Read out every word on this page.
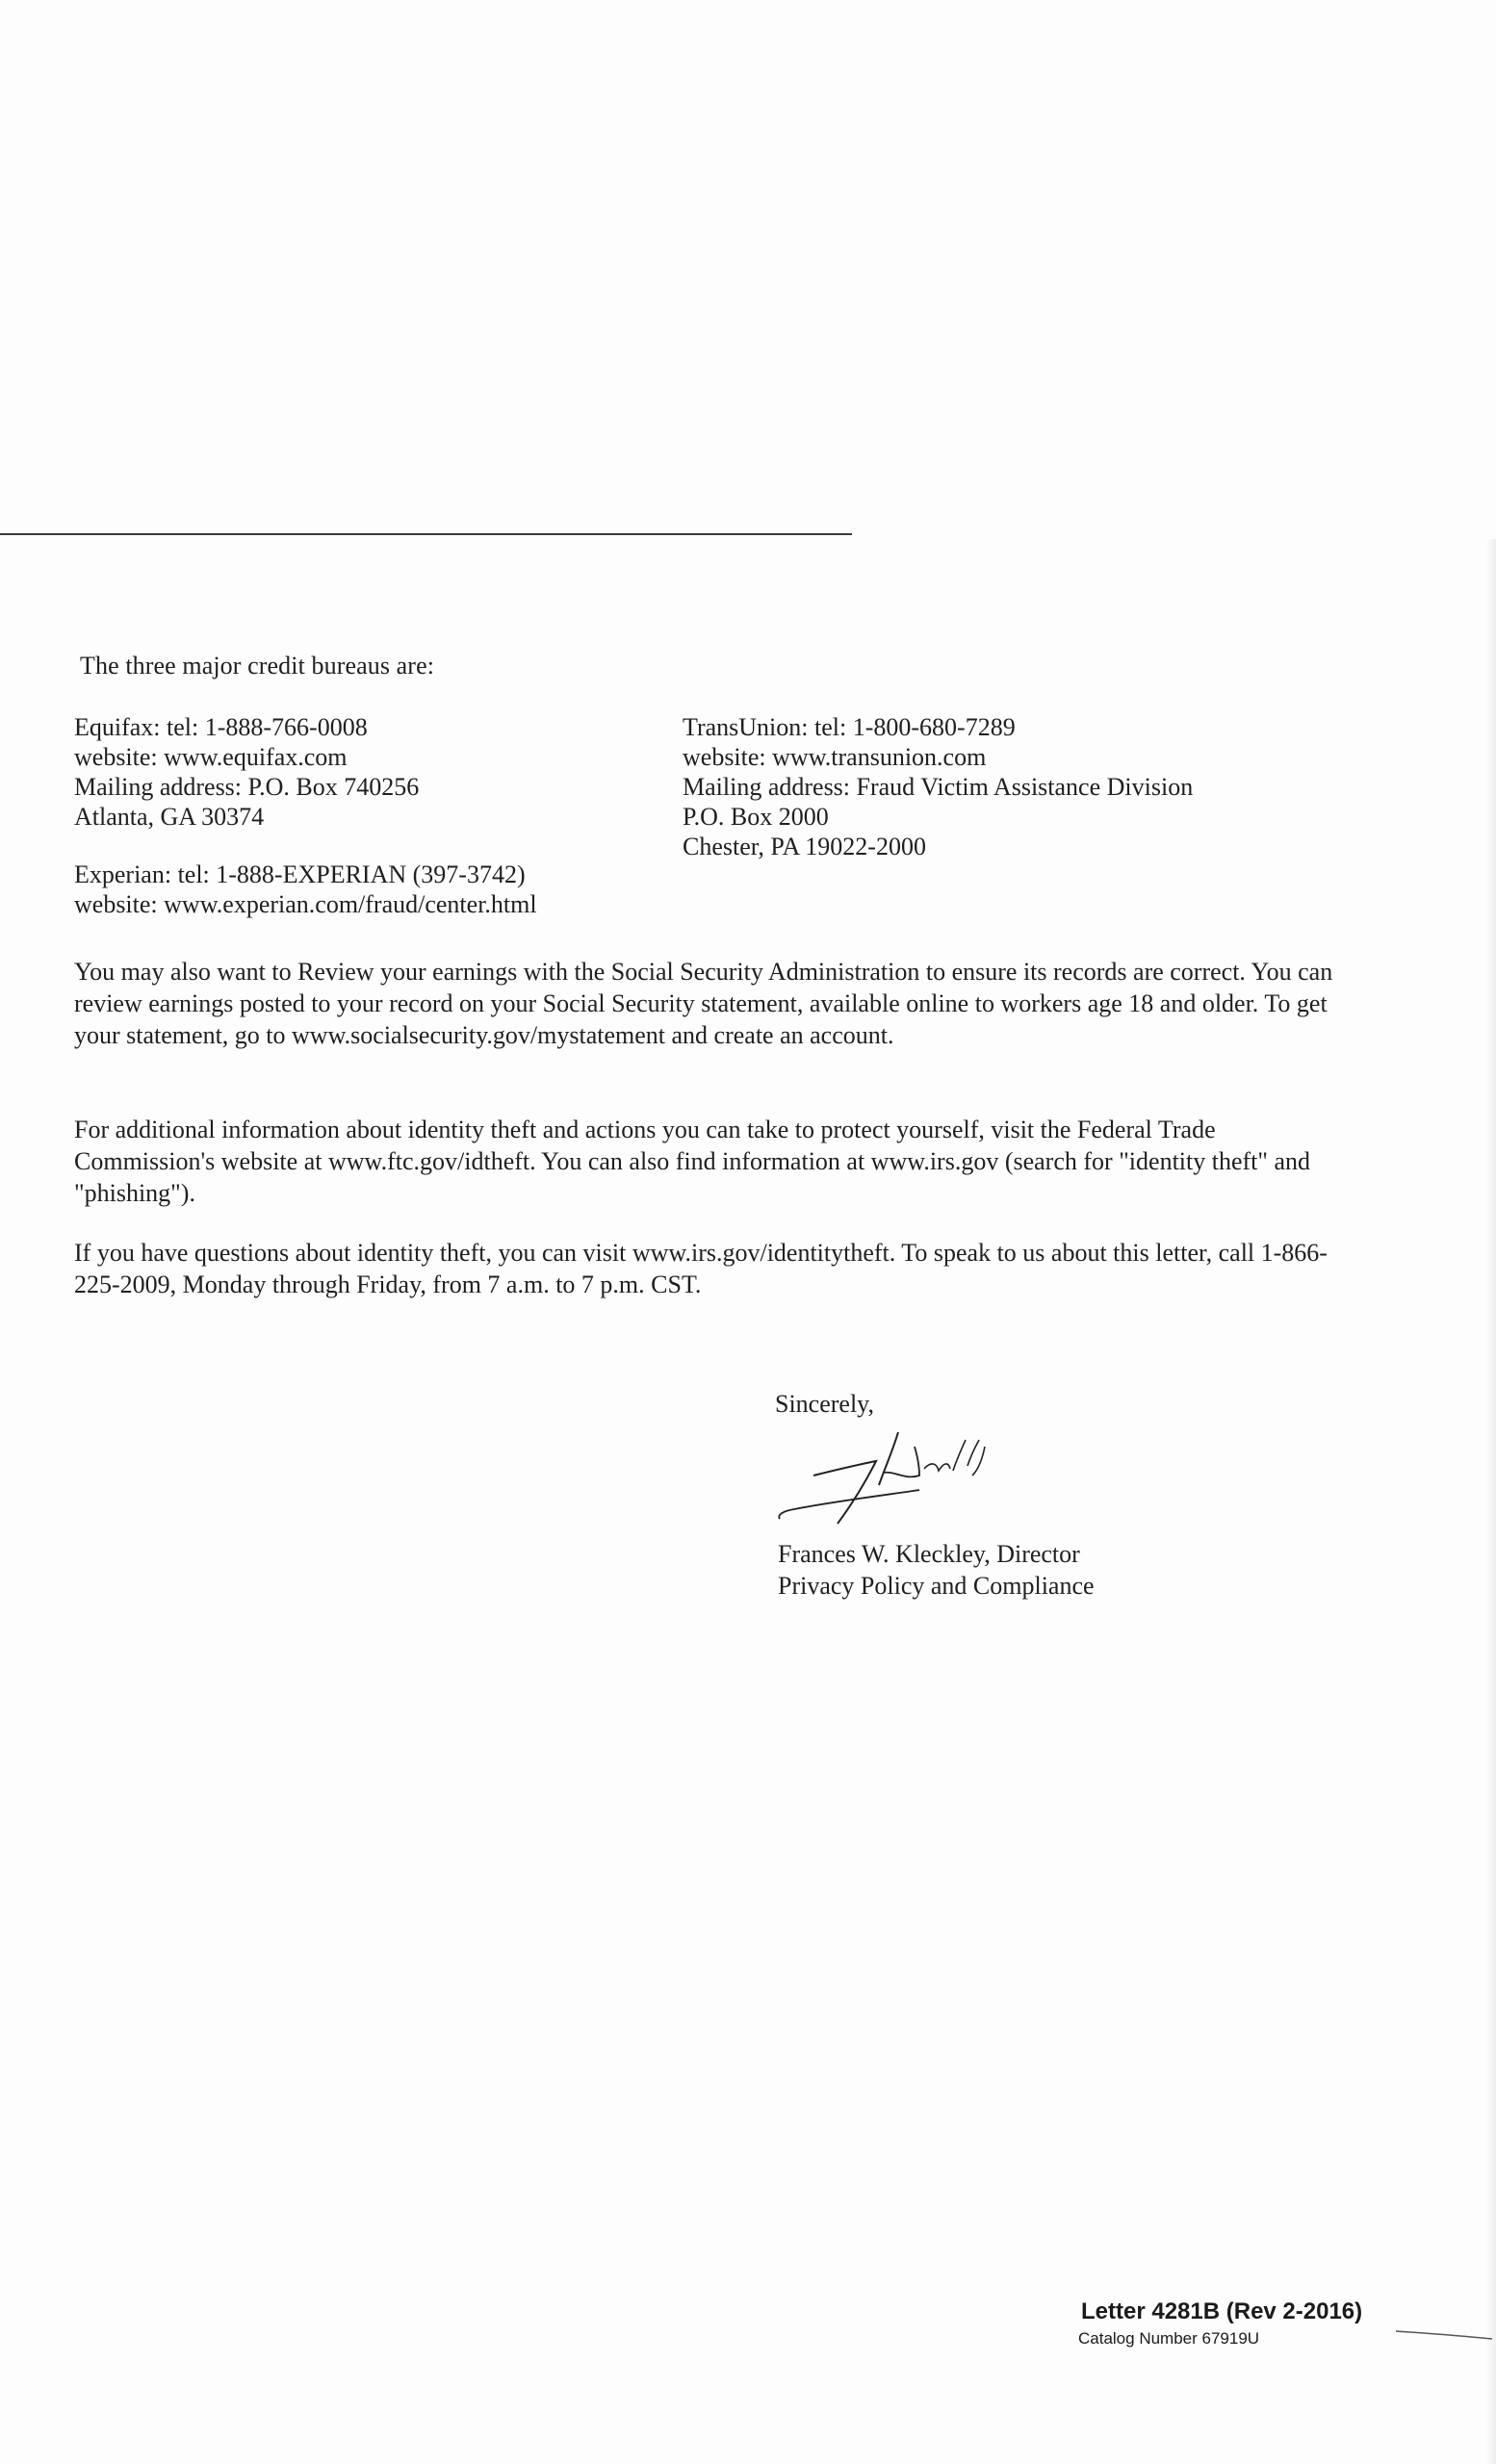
The three major credit bureaus are:
Equifax: tel: 1-888-766-0008
website: www.equifax.com
Mailing address: P.O. Box 740256
Atlanta, GA 30374
Experian: tel: 1-888-EXPERIAN (397-3742)
website: www.experian.com/fraud/center.html
TransUnion: tel: 1-800-680-7289
website: www.transunion.com
Mailing address: Fraud Victim Assistance Division
P.O. Box 2000
Chester, PA 19022-2000
You may also want to Review your earnings with the Social Security Administration to ensure its records are correct. You can review earnings posted to your record on your Social Security statement, available online to workers age 18 and older. To get your statement, go to www.socialsecurity.gov/mystatement and create an account.
For additional information about identity theft and actions you can take to protect yourself, visit the Federal Trade Commission's website at www.ftc.gov/idtheft. You can also find information at www.irs.gov (search for "identity theft" and "phishing").
If you have questions about identity theft, you can visit www.irs.gov/identitytheft. To speak to us about this letter, call 1-866-225-2009, Monday through Friday, from 7 a.m. to 7 p.m. CST.
Sincerely,
Frances W. Kleckley, Director
Privacy Policy and Compliance
Letter 4281B (Rev 2-2016)
Catalog Number 67919U
